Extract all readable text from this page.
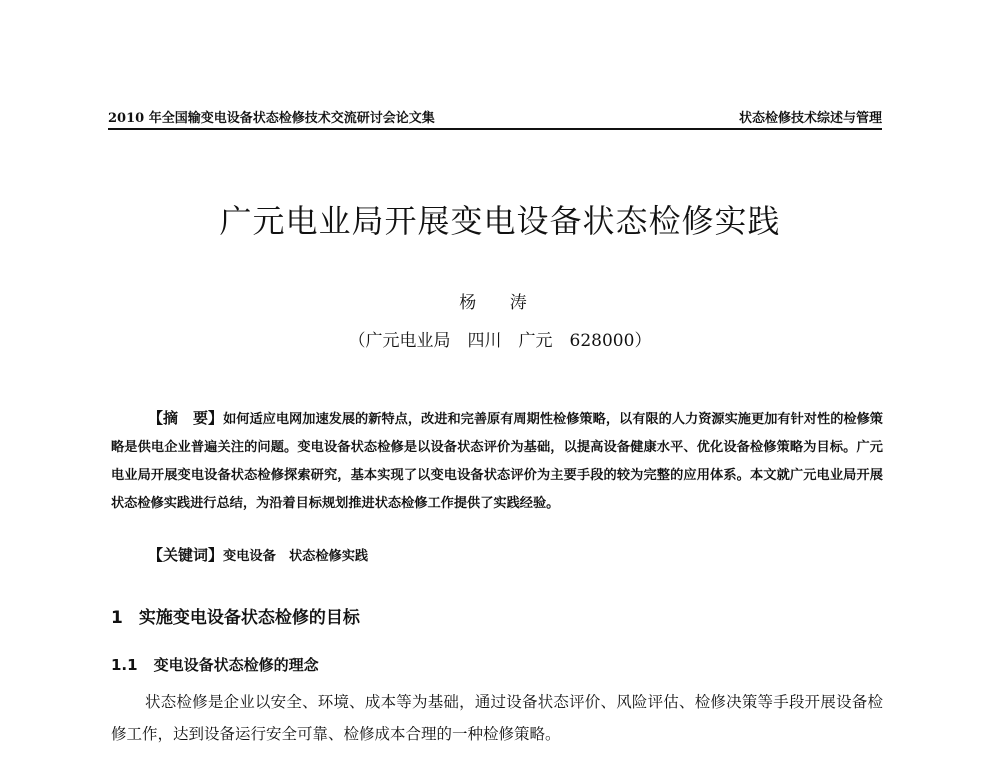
2010 年全国输变电设备状态检修技术交流研讨会论文集	状态检修技术综述与管理
广元电业局开展变电设备状态检修实践
杨 涛
（广元电业局　四川　广元　628000）

【摘　要】如何适应电网加速发展的新特点，改进和完善原有周期性检修策略，以有限的人力资源实施更加有针对性的检修策略是供电企业普遍关注的问题。变电设备状态检修是以设备状态评价为基础，以提高设备健康水平、优化设备检修策略为目标。广元电业局开展变电设备状态检修探索研究，基本实现了以变电设备状态评价为主要手段的较为完整的应用体系。本文就广元电业局开展状态检修实践进行总结，为沿着目标规划推进状态检修工作提供了实践经验。

【关键词】变电设备　状态检修实践
1 实施变电设备状态检修的目标
1.1 变电设备状态检修的理念

状态检修是企业以安全、环境、成本等为基础，通过设备状态评价、风险评估、检修决策等手段开展设备检修工作，达到设备运行安全可靠、检修成本合理的一种检修策略。
